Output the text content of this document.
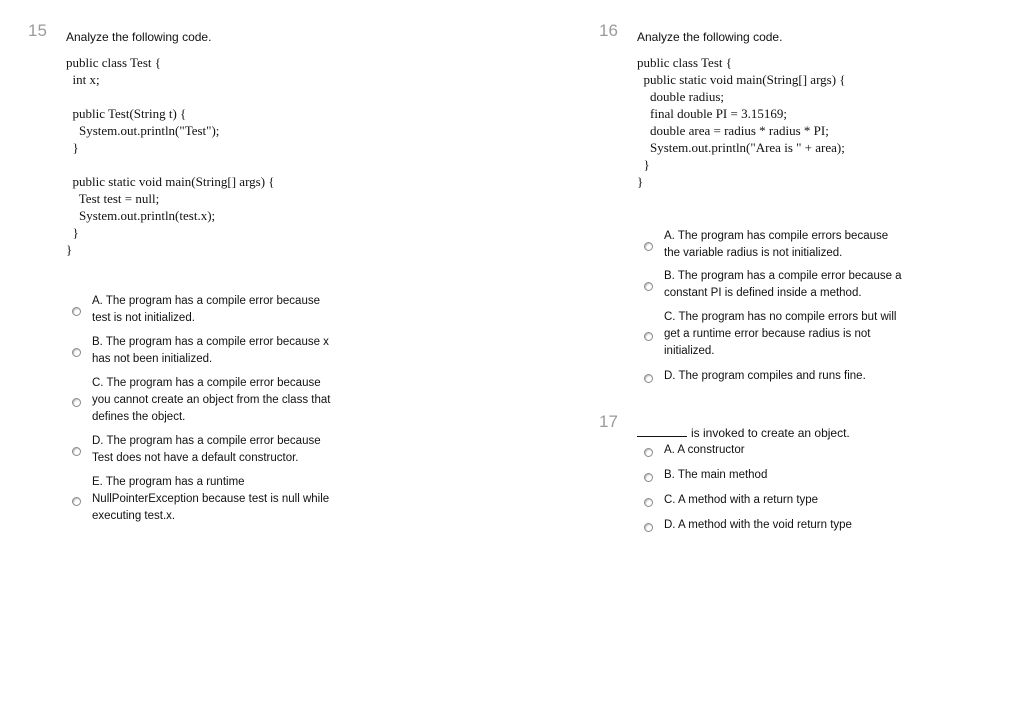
15 Analyze the following code.
public class Test {
int x;

public Test(String t) {
System.out.println("Test");
}

public static void main(String[] args) {
Test test = null;
System.out.println(test.x);
}
}
A. The program has a compile error because test is not initialized.
B. The program has a compile error because x has not been initialized.
C. The program has a compile error because you cannot create an object from the class that defines the object.
D. The program has a compile error because Test does not have a default constructor.
E. The program has a runtime NullPointerException because test is null while executing test.x.
16 Analyze the following code.
public class Test {
public static void main(String[] args) {
double radius;
final double PI = 3.15169;
double area = radius * radius * PI;
System.out.println("Area is " + area);
}
}
A. The program has compile errors because the variable radius is not initialized.
B. The program has a compile error because a constant PI is defined inside a method.
C. The program has no compile errors but will get a runtime error because radius is not initialized.
D. The program compiles and runs fine.
17
is invoked to create an object.
A. A constructor
B. The main method
C. A method with a return type
D. A method with the void return type
